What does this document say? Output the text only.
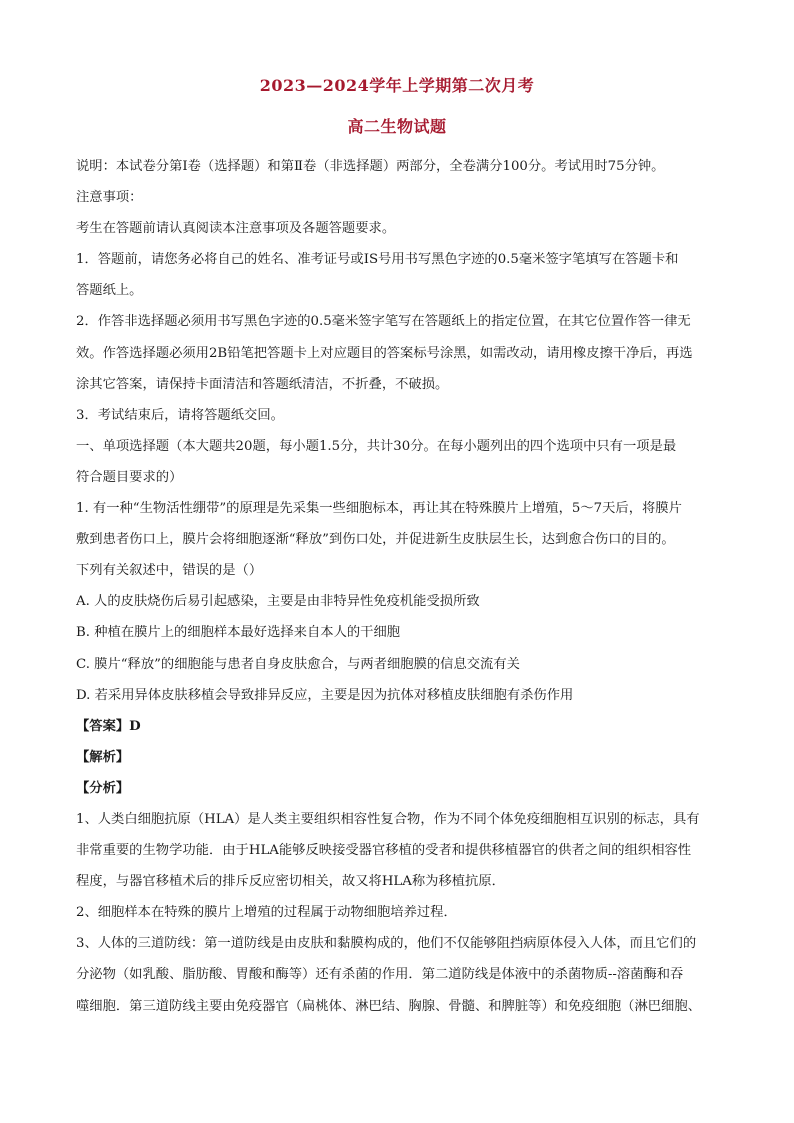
2023—2024学年上学期第二次月考
高二生物试题
说明：本试卷分第Ⅰ卷（选择题）和第Ⅱ卷（非选择题）两部分，全卷满分100分。考试用时75分钟。
注意事项：
考生在答题前请认真阅读本注意事项及各题答题要求。
1．答题前，请您务必将自己的姓名、准考证号或IS号用书写黑色字迹的0.5毫米签字笔填写在答题卡和
答题纸上。
2．作答非选择题必须用书写黑色字迹的0.5毫米签字笔写在答题纸上的指定位置，在其它位置作答一律无
效。作答选择题必须用2B铅笔把答题卡上对应题目的答案标号涂黑，如需改动，请用橡皮擦干净后，再选
涂其它答案，请保持卡面清洁和答题纸清洁，不折叠，不破损。
3．考试结束后，请将答题纸交回。
一、单项选择题（本大题共20题，每小题1.5分，共计30分。在每小题列出的四个选项中只有一项是最
符合题目要求的）
1. 有一种“生物活性绷带”的原理是先采集一些细胞标本，再让其在特殊膜片上增殖，5～7天后，将膜片
敷到患者伤口上，膜片会将细胞逐渐“释放”到伤口处，并促进新生皮肤层生长，达到愈合伤口的目的。
下列有关叙述中，错误的是（）
A. 人的皮肤烧伤后易引起感染，主要是由非特异性免疫机能受损所致
B. 种植在膜片上的细胞样本最好选择来自本人的干细胞
C. 膜片“释放”的细胞能与患者自身皮肤愈合，与两者细胞膜的信息交流有关
D. 若采用异体皮肤移植会导致排异反应，主要是因为抗体对移植皮肤细胞有杀伤作用
【答案】D
【解析】
【分析】
1、人类白细胞抗原（HLA）是人类主要组织相容性复合物，作为不同个体免疫细胞相互识别的标志，具有
非常重要的生物学功能．由于HLA能够反映接受器官移植的受者和提供移植器官的供者之间的组织相容性
程度，与器官移植术后的排斥反应密切相关，故又将HLA称为移植抗原．
2、细胞样本在特殊的膜片上增殖的过程属于动物细胞培养过程．
3、人体的三道防线：第一道防线是由皮肤和黏膜构成的，他们不仅能够阻挡病原体侵入人体，而且它们的
分泌物（如乳酸、脂肪酸、胃酸和酶等）还有杀菌的作用．第二道防线是体液中的杀菌物质--溶菌酶和吞
噬细胞．第三道防线主要由免疫器官（扁桃体、淋巴结、胸腺、骨髓、和脾脏等）和免疫细胞（淋巴细胞、
